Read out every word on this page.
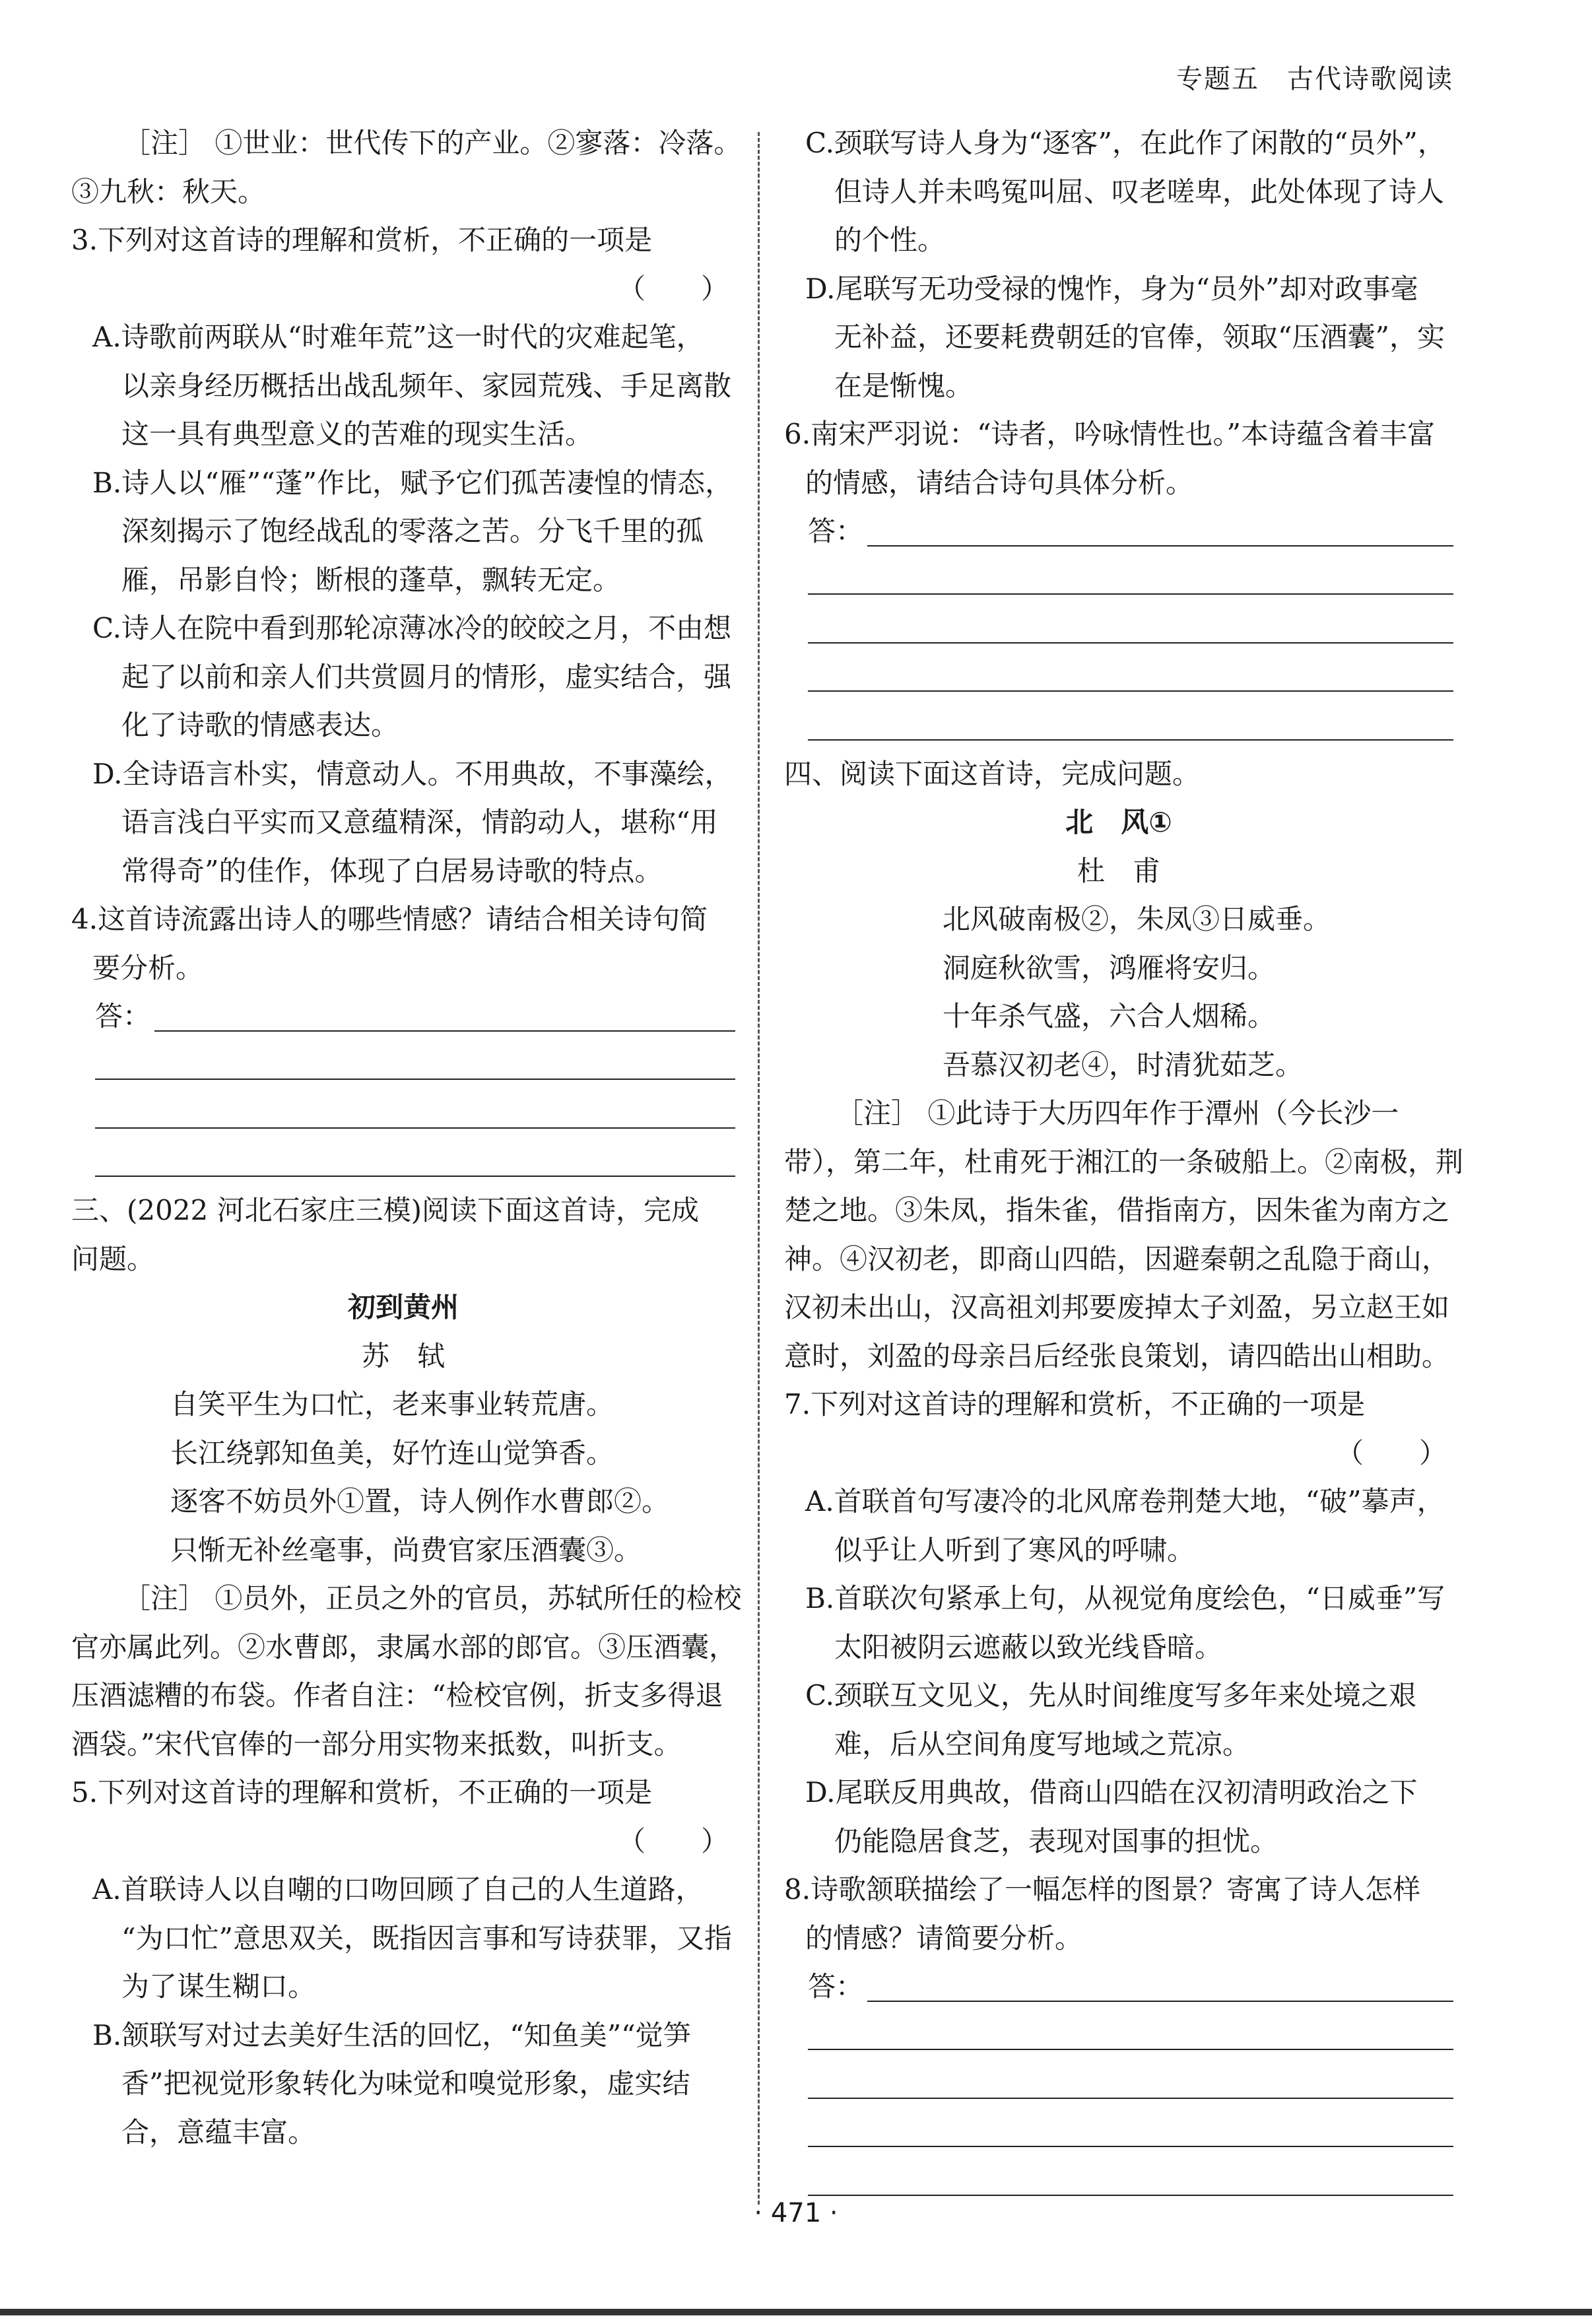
专题五　古代诗歌阅读
［注］ ①世业：世代传下的产业。②寥落：冷落。
③九秋：秋天。
3.下列对这首诗的理解和赏析，不正确的一项是
（　　）
A.诗歌前两联从“时难年荒”这一时代的灾难起笔，
以亲身经历概括出战乱频年、家园荒残、手足离散
这一具有典型意义的苦难的现实生活。
B.诗人以“雁”“蓬”作比，赋予它们孤苦凄惶的情态，
深刻揭示了饱经战乱的零落之苦。分飞千里的孤
雁，吊影自怜；断根的蓬草，飘转无定。
C.诗人在院中看到那轮凉薄冰冷的皎皎之月，不由想
起了以前和亲人们共赏圆月的情形，虚实结合，强
化了诗歌的情感表达。
D.全诗语言朴实，情意动人。不用典故，不事藻绘，
语言浅白平实而又意蕴精深，情韵动人，堪称“用
常得奇”的佳作，体现了白居易诗歌的特点。
4.这首诗流露出诗人的哪些情感？请结合相关诗句简
要分析。
答：
三、(2022 河北石家庄三模)阅读下面这首诗，完成
问题。
初到黄州
苏　轼
自笑平生为口忙，老来事业转荒唐。
长江绕郭知鱼美，好竹连山觉笋香。
逐客不妨员外①置，诗人例作水曹郎②。
只惭无补丝毫事，尚费官家压酒囊③。
［注］ ①员外，正员之外的官员，苏轼所任的检校
官亦属此列。②水曹郎，隶属水部的郎官。③压酒囊，
压酒滤糟的布袋。作者自注：“检校官例，折支多得退
酒袋。”宋代官俸的一部分用实物来抵数，叫折支。
5.下列对这首诗的理解和赏析，不正确的一项是
（　　）
A.首联诗人以自嘲的口吻回顾了自己的人生道路，
“为口忙”意思双关，既指因言事和写诗获罪，又指
为了谋生糊口。
B.颔联写对过去美好生活的回忆，“知鱼美”“觉笋
香”把视觉形象转化为味觉和嗅觉形象，虚实结
合，意蕴丰富。
C.颈联写诗人身为“逐客”，在此作了闲散的“员外”，
但诗人并未鸣冤叫屈、叹老嗟卑，此处体现了诗人
的个性。
D.尾联写无功受禄的愧怍，身为“员外”却对政事毫
无补益，还要耗费朝廷的官俸，领取“压酒囊”，实
在是惭愧。
6.南宋严羽说：“诗者，吟咏情性也。”本诗蕴含着丰富
的情感，请结合诗句具体分析。
答：
四、阅读下面这首诗，完成问题。
北　风①
杜　甫
北风破南极②，朱凤③日威垂。
洞庭秋欲雪，鸿雁将安归。
十年杀气盛，六合人烟稀。
吾慕汉初老④，时清犹茹芝。
［注］ ①此诗于大历四年作于潭州（今长沙一
带），第二年，杜甫死于湘江的一条破船上。②南极，荆
楚之地。③朱凤，指朱雀，借指南方，因朱雀为南方之
神。④汉初老，即商山四皓，因避秦朝之乱隐于商山，
汉初未出山，汉高祖刘邦要废掉太子刘盈，另立赵王如
意时，刘盈的母亲吕后经张良策划，请四皓出山相助。
7.下列对这首诗的理解和赏析，不正确的一项是
（　　）
A.首联首句写凄冷的北风席卷荆楚大地，“破”摹声，
似乎让人听到了寒风的呼啸。
B.首联次句紧承上句，从视觉角度绘色，“日威垂”写
太阳被阴云遮蔽以致光线昏暗。
C.颈联互文见义，先从时间维度写多年来处境之艰
难，后从空间角度写地域之荒凉。
D.尾联反用典故，借商山四皓在汉初清明政治之下
仍能隐居食芝，表现对国事的担忧。
8.诗歌颔联描绘了一幅怎样的图景？寄寓了诗人怎样
的情感？请简要分析。
答：
· 471 ·
